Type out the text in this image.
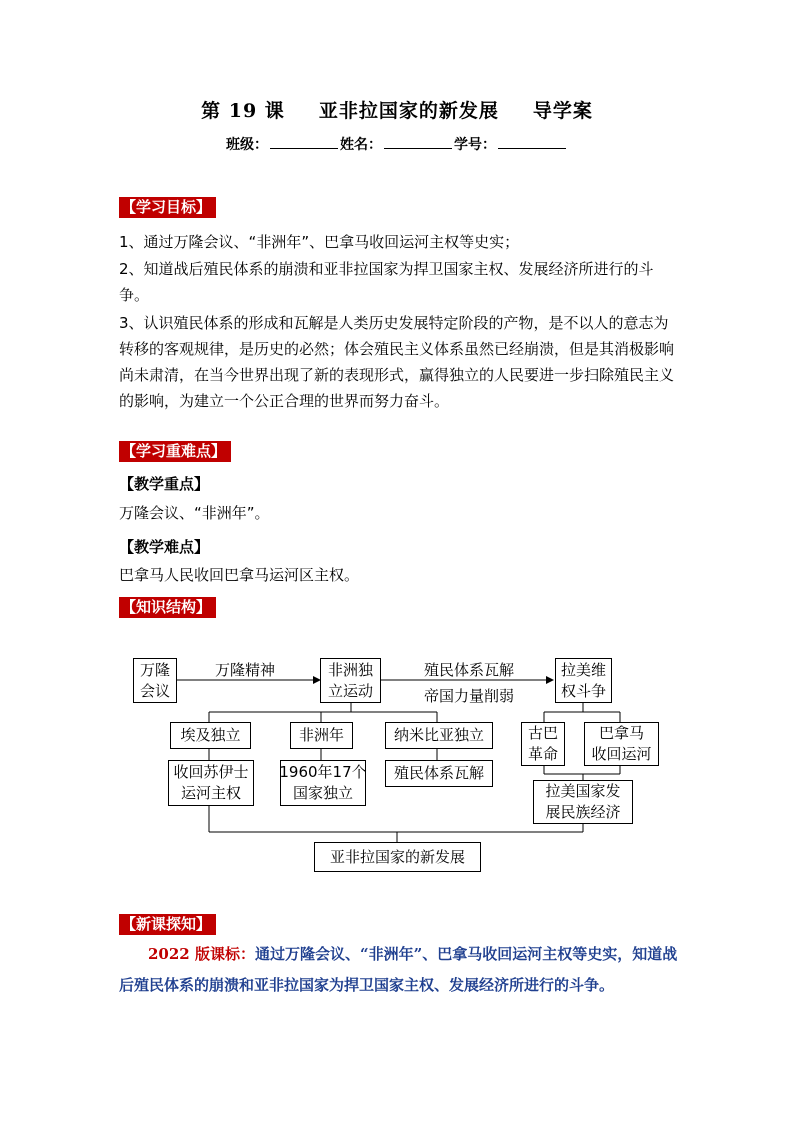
第 19 课 亚非拉国家的新发展 导学案
班级：	姓名：	学号：
【学习目标】
1、通过万隆会议、“非洲年”、巴拿马收回运河主权等史实；
2、知道战后殖民体系的崩溃和亚非拉国家为捍卫国家主权、发展经济所进行的斗争。
3、认识殖民体系的形成和瓦解是人类历史发展特定阶段的产物，是不以人的意志为转移的客观规律，是历史的必然；体会殖民主义体系虽然已经崩溃，但是其消极影响尚未肃清，在当今世界出现了新的表现形式，赢得独立的人民要进一步扫除殖民主义的影响，为建立一个公正合理的世界而努力奋斗。
【学习重难点】
【教学重点】
万隆会议、“非洲年”。
【教学难点】
巴拿马人民收回巴拿马运河区主权。
【知识结构】
万隆
会议
万隆精神	非洲独
立运动
殖民体系瓦解
帝国力量削弱
拉美维
权斗争
埃及独立	非洲年	纳米比亚独立
收回苏伊士
运河主权
1960年17个
国家独立
殖民体系瓦解
古巴
革命
巴拿马
收回运河
拉美国家发
展民族经济
亚非拉国家的新发展
【新课探知】
2022 版课标：通过万隆会议、“非洲年”、巴拿马收回运河主权等史实，知道战后殖民体系的崩溃和亚非拉国家为捍卫国家主权、发展经济所进行的斗争。
